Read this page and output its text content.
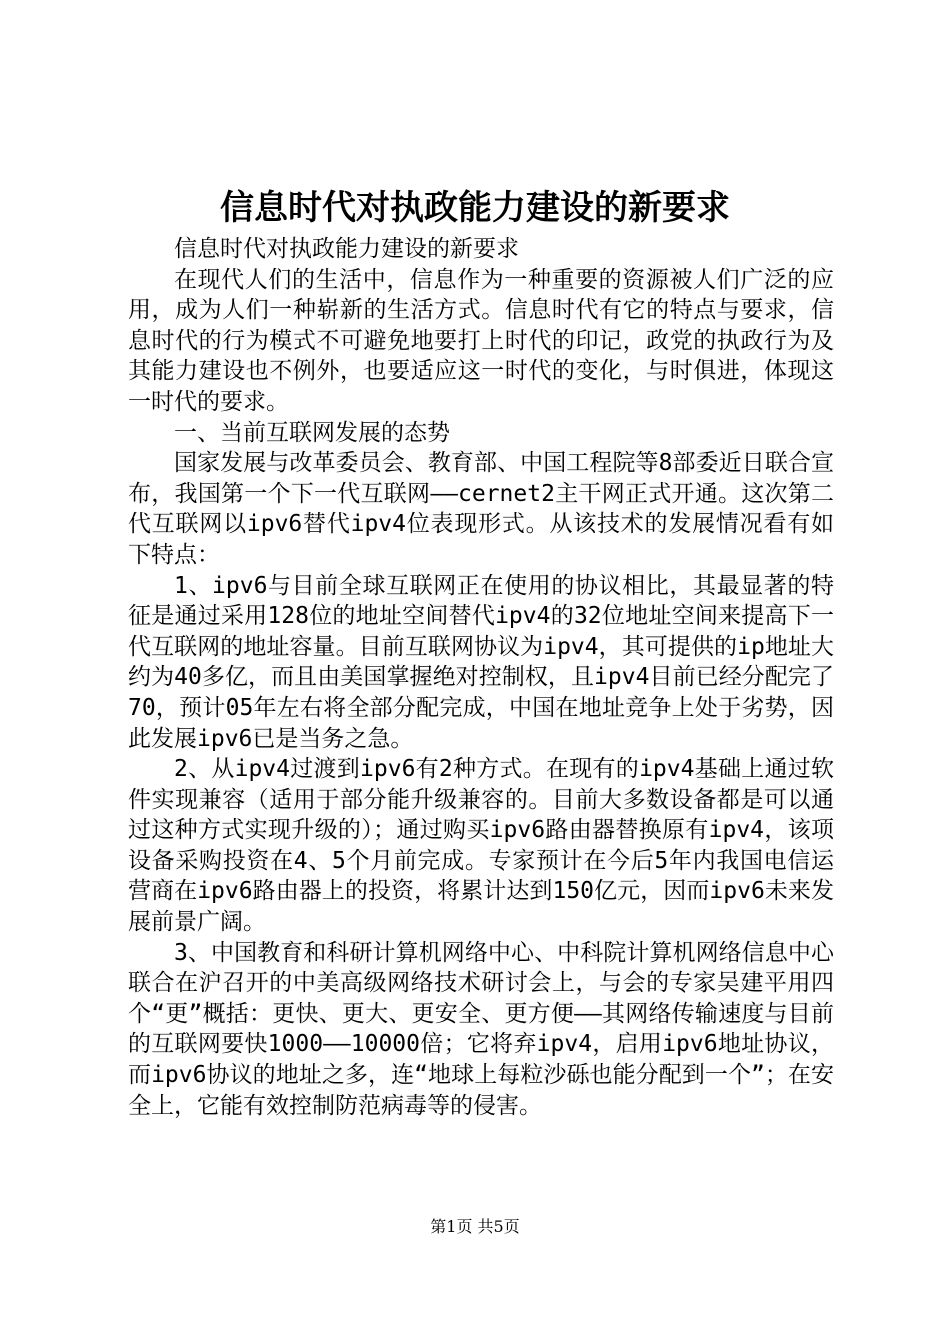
信息时代对执政能力建设的新要求

信息时代对执政能力建设的新要求

在现代人们的生活中，信息作为一种重要的资源被人们广泛的应用，成为人们一种崭新的生活方式。信息时代有它的特点与要求，信息时代的行为模式不可避免地要打上时代的印记，政党的执政行为及其能力建设也不例外，也要适应这一时代的变化，与时俱进，体现这一时代的要求。

一、当前互联网发展的态势

国家发展与改革委员会、教育部、中国工程院等8部委近日联合宣布，我国第一个下一代互联网——cernet2主干网正式开通。这次第二代互联网以ipv6替代ipv4位表现形式。从该技术的发展情况看有如下特点：

1、ipv6与目前全球互联网正在使用的协议相比，其最显著的特征是通过采用128位的地址空间替代ipv4的32位地址空间来提高下一代互联网的地址容量。目前互联网协议为ipv4，其可提供的ip地址大约为40多亿，而且由美国掌握绝对控制权，且ipv4目前已经分配完了70，预计05年左右将全部分配完成，中国在地址竞争上处于劣势，因此发展ipv6已是当务之急。

2、从ipv4过渡到ipv6有2种方式。在现有的ipv4基础上通过软件实现兼容（适用于部分能升级兼容的。目前大多数设备都是可以通过这种方式实现升级的）；通过购买ipv6路由器替换原有ipv4，该项设备采购投资在4、5个月前完成。专家预计在今后5年内我国电信运营商在ipv6路由器上的投资，将累计达到150亿元，因而ipv6未来发展前景广阔。

3、中国教育和科研计算机网络中心、中科院计算机网络信息中心联合在沪召开的中美高级网络技术研讨会上，与会的专家吴建平用四个“更”概括：更快、更大、更安全、更方便——其网络传输速度与目前的互联网要快1000——10000倍；它将弃ipv4，启用ipv6地址协议，而ipv6协议的地址之多，连“地球上每粒沙砾也能分配到一个”；在安全上，它能有效控制防范病毒等的侵害。

第1页 共5页
